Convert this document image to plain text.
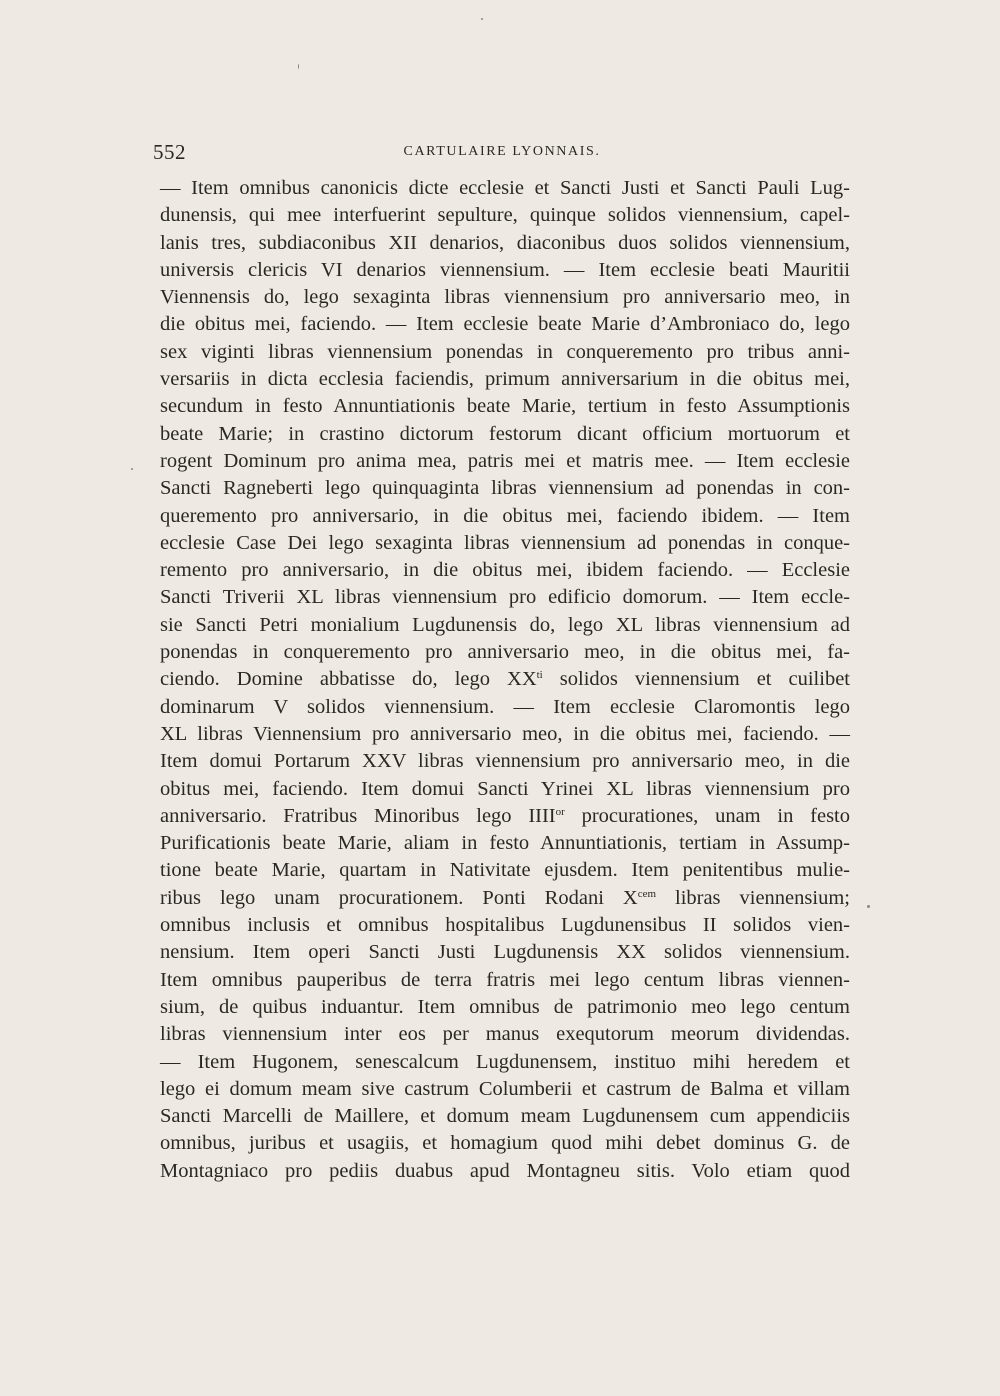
552	CARTULAIRE LYONNAIS.
— Item omnibus canonicis dicte ecclesie et Sancti Justi et Sancti Pauli Lug-
dunensis, qui mee interfuerint sepulture, quinque solidos viennensium, capel-
lanis tres, subdiaconibus XII denarios, diaconibus duos solidos viennensium,
universis clericis VI denarios viennensium. — Item ecclesie beati Mauritii
Viennensis do, lego sexaginta libras viennensium pro anniversario meo, in
die obitus mei, faciendo. — Item ecclesie beate Marie d’Ambroniaco do, lego
sex viginti libras viennensium ponendas in conqueremento pro tribus anni-
versariis in dicta ecclesia faciendis, primum anniversarium in die obitus mei,
secundum in festo Annuntiationis beate Marie, tertium in festo Assumptionis
beate Marie; in crastino dictorum festorum dicant officium mortuorum et
rogent Dominum pro anima mea, patris mei et matris mee. — Item ecclesie
Sancti Ragneberti lego quinquaginta libras viennensium ad ponendas in con-
queremento pro anniversario, in die obitus mei, faciendo ibidem. — Item
ecclesie Case Dei lego sexaginta libras viennensium ad ponendas in conque-
remento pro anniversario, in die obitus mei, ibidem faciendo. — Ecclesie
Sancti Triverii XL libras viennensium pro edificio domorum. — Item eccle-
sie Sancti Petri monialium Lugdunensis do, lego XL libras viennensium ad
ponendas in conqueremento pro anniversario meo, in die obitus mei, fa-
ciendo. Domine abbatisse do, lego $XX^{ti}$ solidos viennensium et cuilibet
dominarum V solidos viennensium. — Item ecclesie Claromontis lego
XL libras Viennensium pro anniversario meo, in die obitus mei, faciendo. —
Item domui Portarum XXV libras viennensium pro anniversario meo, in die
obitus mei, faciendo. Item domui Sancti Yrinei XL libras viennensium pro
anniversario. Fratribus Minoribus lego $IIII^{or}$ procurationes, unam in festo
Purificationis beate Marie, aliam in festo Annuntiationis, tertiam in Assump-
tione beate Marie, quartam in Nativitate ejusdem. Item penitentibus mulie-
ribus lego unam procurationem. Ponti Rodani $X^{cem}$ libras viennensium;
omnibus inclusis et omnibus hospitalibus Lugdunensibus II solidos vien-
nensium. Item operi Sancti Justi Lugdunensis XX solidos viennensium.
Item omnibus pauperibus de terra fratris mei lego centum libras viennen-
sium, de quibus induantur. Item omnibus de patrimonio meo lego centum
libras viennensium inter eos per manus exequtorum meorum dividendas.
— Item Hugonem, senescalcum Lugdunensem, instituo mihi heredem et
lego ei domum meam sive castrum Columberii et castrum de Balma et villam
Sancti Marcelli de Maillere, et domum meam Lugdunensem cum appendiciis
omnibus, juribus et usagiis, et homagium quod mihi debet dominus G. de
Montagniaco pro pediis duabus apud Montagneu sitis. Volo etiam quod
